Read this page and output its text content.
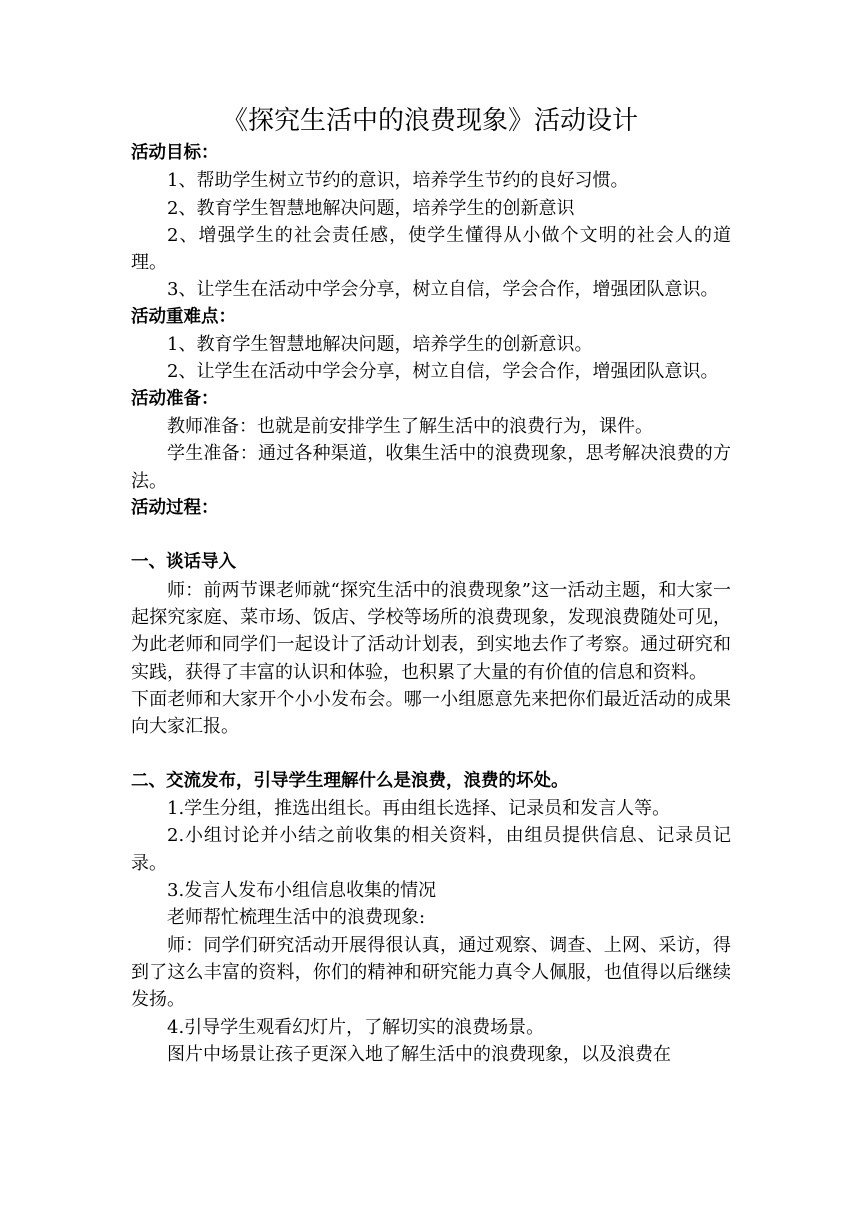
《探究生活中的浪费现象》活动设计

活动目标：

1、帮助学生树立节约的意识，培养学生节约的良好习惯。

2、教育学生智慧地解决问题，培养学生的创新意识

2、增强学生的社会责任感，使学生懂得从小做个文明的社会人的道理。

3、让学生在活动中学会分享，树立自信，学会合作，增强团队意识。

活动重难点：

1、教育学生智慧地解决问题，培养学生的创新意识。

2、让学生在活动中学会分享，树立自信，学会合作，增强团队意识。

活动准备：

教师准备：也就是前安排学生了解生活中的浪费行为，课件。

学生准备：通过各种渠道，收集生活中的浪费现象，思考解决浪费的方法。

活动过程：

一、谈话导入

师：前两节课老师就“探究生活中的浪费现象”这一活动主题，和大家一起探究家庭、菜市场、饭店、学校等场所的浪费现象，发现浪费随处可见，为此老师和同学们一起设计了活动计划表，到实地去作了考察。通过研究和实践，获得了丰富的认识和体验，也积累了大量的有价值的信息和资料。

下面老师和大家开个小小发布会。哪一小组愿意先来把你们最近活动的成果向大家汇报。

二、交流发布，引导学生理解什么是浪费，浪费的坏处。

1.学生分组，推选出组长。再由组长选择、记录员和发言人等。

2.小组讨论并小结之前收集的相关资料，由组员提供信息、记录员记录。

3.发言人发布小组信息收集的情况

老师帮忙梳理生活中的浪费现象:

师：同学们研究活动开展得很认真，通过观察、调查、上网、采访，得到了这么丰富的资料，你们的精神和研究能力真令人佩服，也值得以后继续发扬。

4.引导学生观看幻灯片，了解切实的浪费场景。

图片中场景让孩子更深入地了解生活中的浪费现象，以及浪费在
